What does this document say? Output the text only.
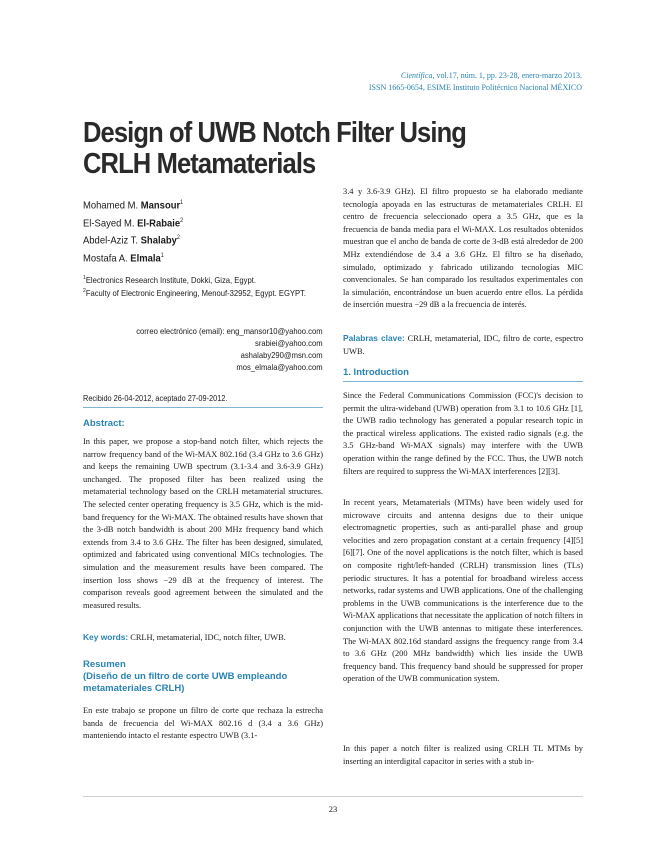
Científica, vol.17, núm. 1, pp. 23-28, enero-marzo 2013.
ISSN 1665-0654, ESIME Instituto Politécnico Nacional MÉXICO
Design of UWB Notch Filter Using
CRLH Metamaterials
Mohamed M. Mansour$^1$
El-Sayed M. El-Rabaie$^2$
Abdel-Aziz T. Shalaby$^2$
Mostafa A. Elmala$^1$
$^1$Electronics Research Institute, Dokki, Giza, Egypt.
$^2$Faculty of Electronic Engineering, Menouf-32952, Egypt. EGYPT.
correo electrónico (email): eng_mansor10@yahoo.com
srabiei@yahoo.com
ashalaby290@msn.com
mos_elmala@yahoo.com
Recibido 26-04-2012, aceptado 27-09-2012.
Abstract:
In this paper, we propose a stop-band notch filter, which rejects the narrow frequency band of the Wi-MAX 802.16d (3.4 GHz to 3.6 GHz) and keeps the remaining UWB spectrum (3.1-3.4 and 3.6-3.9 GHz) unchanged. The proposed filter has been realized using the metamaterial technology based on the CRLH metamaterial structures. The selected center operating frequency is 3.5 GHz, which is the mid-band frequency for the Wi-MAX. The obtained results have shown that the 3-dB notch bandwidth is about 200 MHz frequency band which extends from 3.4 to 3.6 GHz. The filter has been designed, simulated, optimized and fabricated using conventional MICs technologies. The simulation and the measurement results have been compared. The insertion loss shows −29 dB at the frequency of interest. The comparison reveals good agreement between the simulated and the measured results.
Key words: CRLH, metamaterial, IDC, notch filter, UWB.
Resumen
(Diseño de un filtro de corte UWB empleando metamateriales CRLH)
En este trabajo se propone un filtro de corte que rechaza la estrecha banda de frecuencia del Wi-MAX 802.16 d (3.4 a 3.6 GHz) manteniendo intacto el restante espectro UWB (3.1-
3.4 y 3.6-3.9 GHz). El filtro propuesto se ha elaborado mediante tecnología apoyada en las estructuras de metamateriales CRLH. El centro de frecuencia seleccionado opera a 3.5 GHz, que es la frecuencia de banda media para el Wi-MAX. Los resultados obtenidos muestran que el ancho de banda de corte de 3-dB está alrededor de 200 MHz extendiéndose de 3.4 a 3.6 GHz. El filtro se ha diseñado, simulado, optimizado y fabricado utilizando tecnologías MIC convencionales. Se han comparado los resultados experimentales con la simulación, encontrándose un buen acuerdo entre ellos. La pérdida de inserción muestra −29 dB a la frecuencia de interés.
Palabras clave: CRLH, metamaterial, IDC, filtro de corte, espectro UWB.
1. Introduction
Since the Federal Communications Commission (FCC)'s decision to permit the ultra-wideband (UWB) operation from 3.1 to 10.6 GHz [1], the UWB radio technology has generated a popular research topic in the practical wireless applications. The existed radio signals (e.g. the 3.5 GHz-band Wi-MAX signals) may interfere with the UWB operation within the range defined by the FCC. Thus, the UWB notch filters are required to suppress the Wi-MAX interferences [2][3].
In recent years, Metamaterials (MTMs) have been widely used for microwave circuits and antenna designs due to their unique electromagnetic properties, such as anti-parallel phase and group velocities and zero propagation constant at a certain frequency [4][5][6][7]. One of the novel applications is the notch filter, which is based on composite right/left-handed (CRLH) transmission lines (TLs) periodic structures. It has a potential for broadband wireless access networks, radar systems and UWB applications. One of the challenging problems in the UWB communications is the interference due to the Wi-MAX applications that necessitate the application of notch filters in conjunction with the UWB antennas to mitigate these interferences. The Wi-MAX 802.16d standard assigns the frequency range from 3.4 to 3.6 GHz (200 MHz bandwidth) which lies inside the UWB frequency band. This frequency band should be suppressed for proper operation of the UWB communication system.
In this paper a notch filter is realized using CRLH TL MTMs by inserting an interdigital capacitor in series with a stub in-
23
